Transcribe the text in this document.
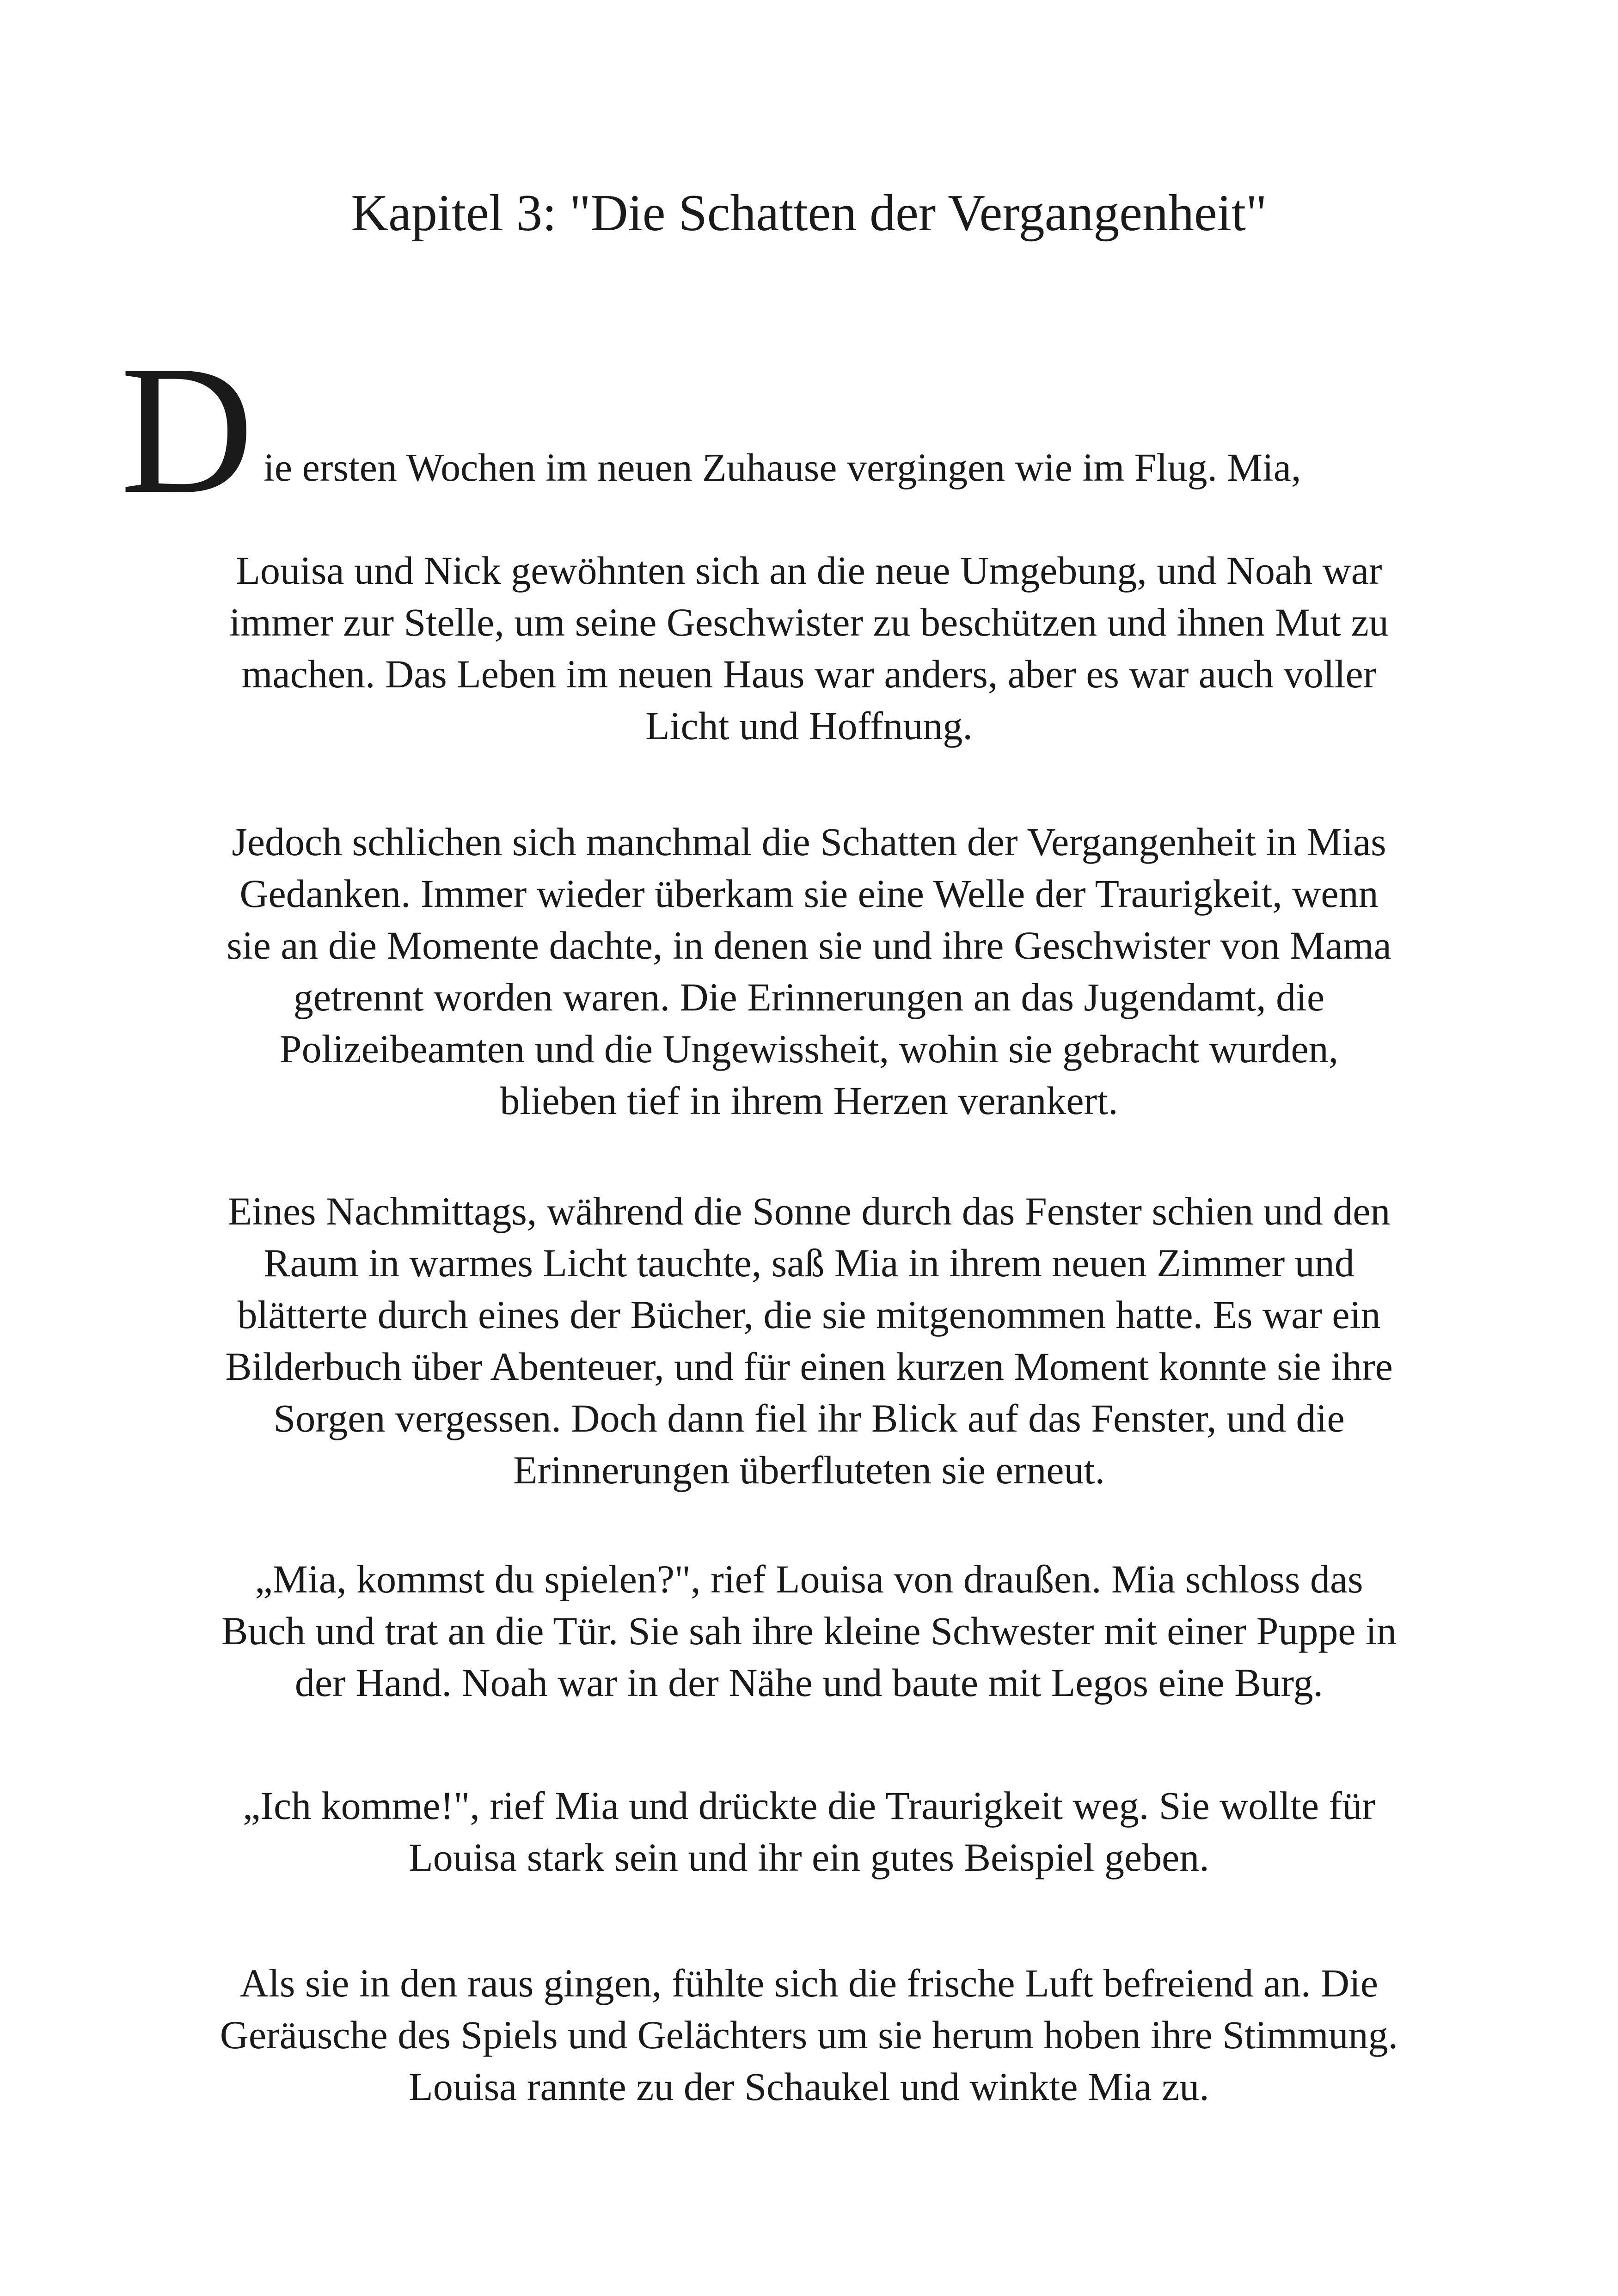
Kapitel 3: "Die Schatten der Vergangenheit"
D ie ersten Wochen im neuen Zuhause vergingen wie im Flug. Mia,
Louisa und Nick gewöhnten sich an die neue Umgebung, und Noah war
immer zur Stelle, um seine Geschwister zu beschützen und ihnen Mut zu
machen. Das Leben im neuen Haus war anders, aber es war auch voller
Licht und Hoffnung.
Jedoch schlichen sich manchmal die Schatten der Vergangenheit in Mias
Gedanken. Immer wieder überkam sie eine Welle der Traurigkeit, wenn
sie an die Momente dachte, in denen sie und ihre Geschwister von Mama
getrennt worden waren. Die Erinnerungen an das Jugendamt, die
Polizeibeamten und die Ungewissheit, wohin sie gebracht wurden,
blieben tief in ihrem Herzen verankert.
Eines Nachmittags, während die Sonne durch das Fenster schien und den
Raum in warmes Licht tauchte, saß Mia in ihrem neuen Zimmer und
blätterte durch eines der Bücher, die sie mitgenommen hatte. Es war ein
Bilderbuch über Abenteuer, und für einen kurzen Moment konnte sie ihre
Sorgen vergessen. Doch dann fiel ihr Blick auf das Fenster, und die
Erinnerungen überfluteten sie erneut.
„Mia, kommst du spielen?", rief Louisa von draußen. Mia schloss das
Buch und trat an die Tür. Sie sah ihre kleine Schwester mit einer Puppe in
der Hand. Noah war in der Nähe und baute mit Legos eine Burg.
„Ich komme!", rief Mia und drückte die Traurigkeit weg. Sie wollte für
Louisa stark sein und ihr ein gutes Beispiel geben.
Als sie in den raus gingen, fühlte sich die frische Luft befreiend an. Die
Geräusche des Spiels und Gelächters um sie herum hoben ihre Stimmung.
Louisa rannte zu der Schaukel und winkte Mia zu.
